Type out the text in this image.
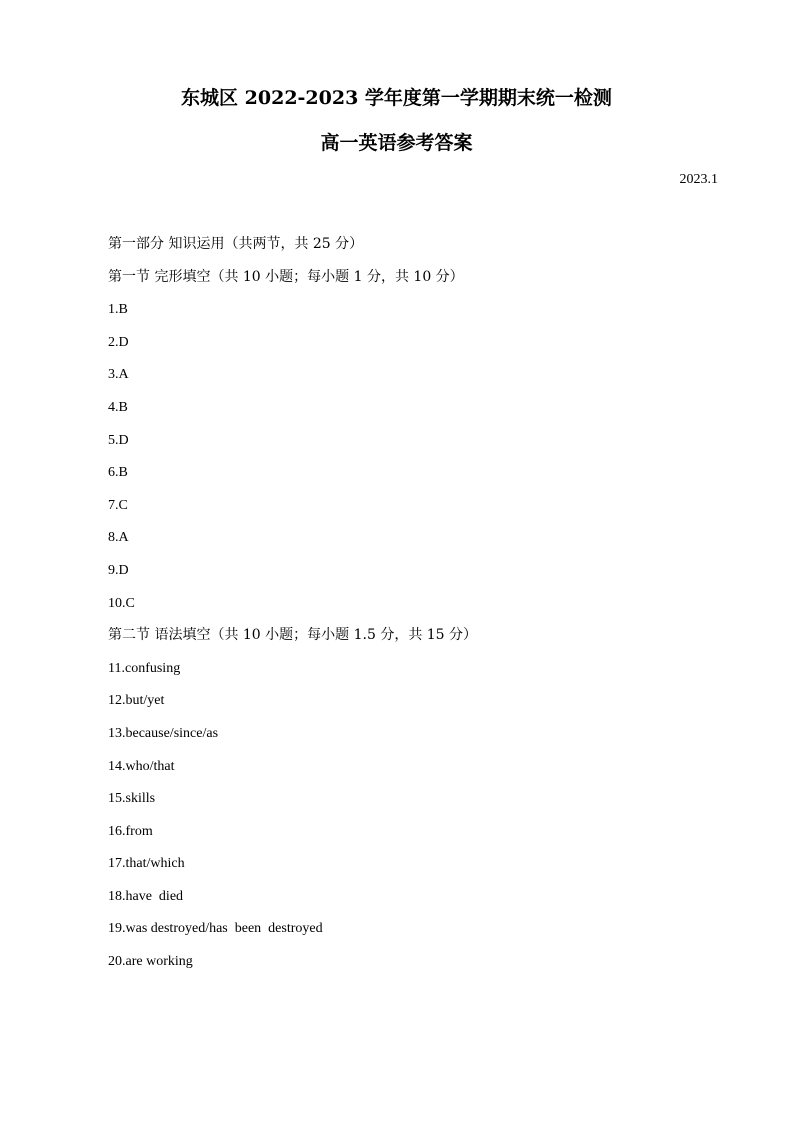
东城区 2022-2023 学年度第一学期期末统一检测
高一英语参考答案
2023.1
第一部分 知识运用（共两节，共 25 分）
第一节 完形填空（共 10 小题；每小题 1 分，共 10 分）
1.B
2.D
3.A
4.B
5.D
6.B
7.C
8.A
9.D
10.C
第二节 语法填空（共 10 小题；每小题 1.5 分，共 15 分）
11.confusing
12.but/yet
13.because/since/as
14.who/that
15.skills
16.from
17.that/which
18.have  died
19.was destroyed/has  been  destroyed
20.are working
